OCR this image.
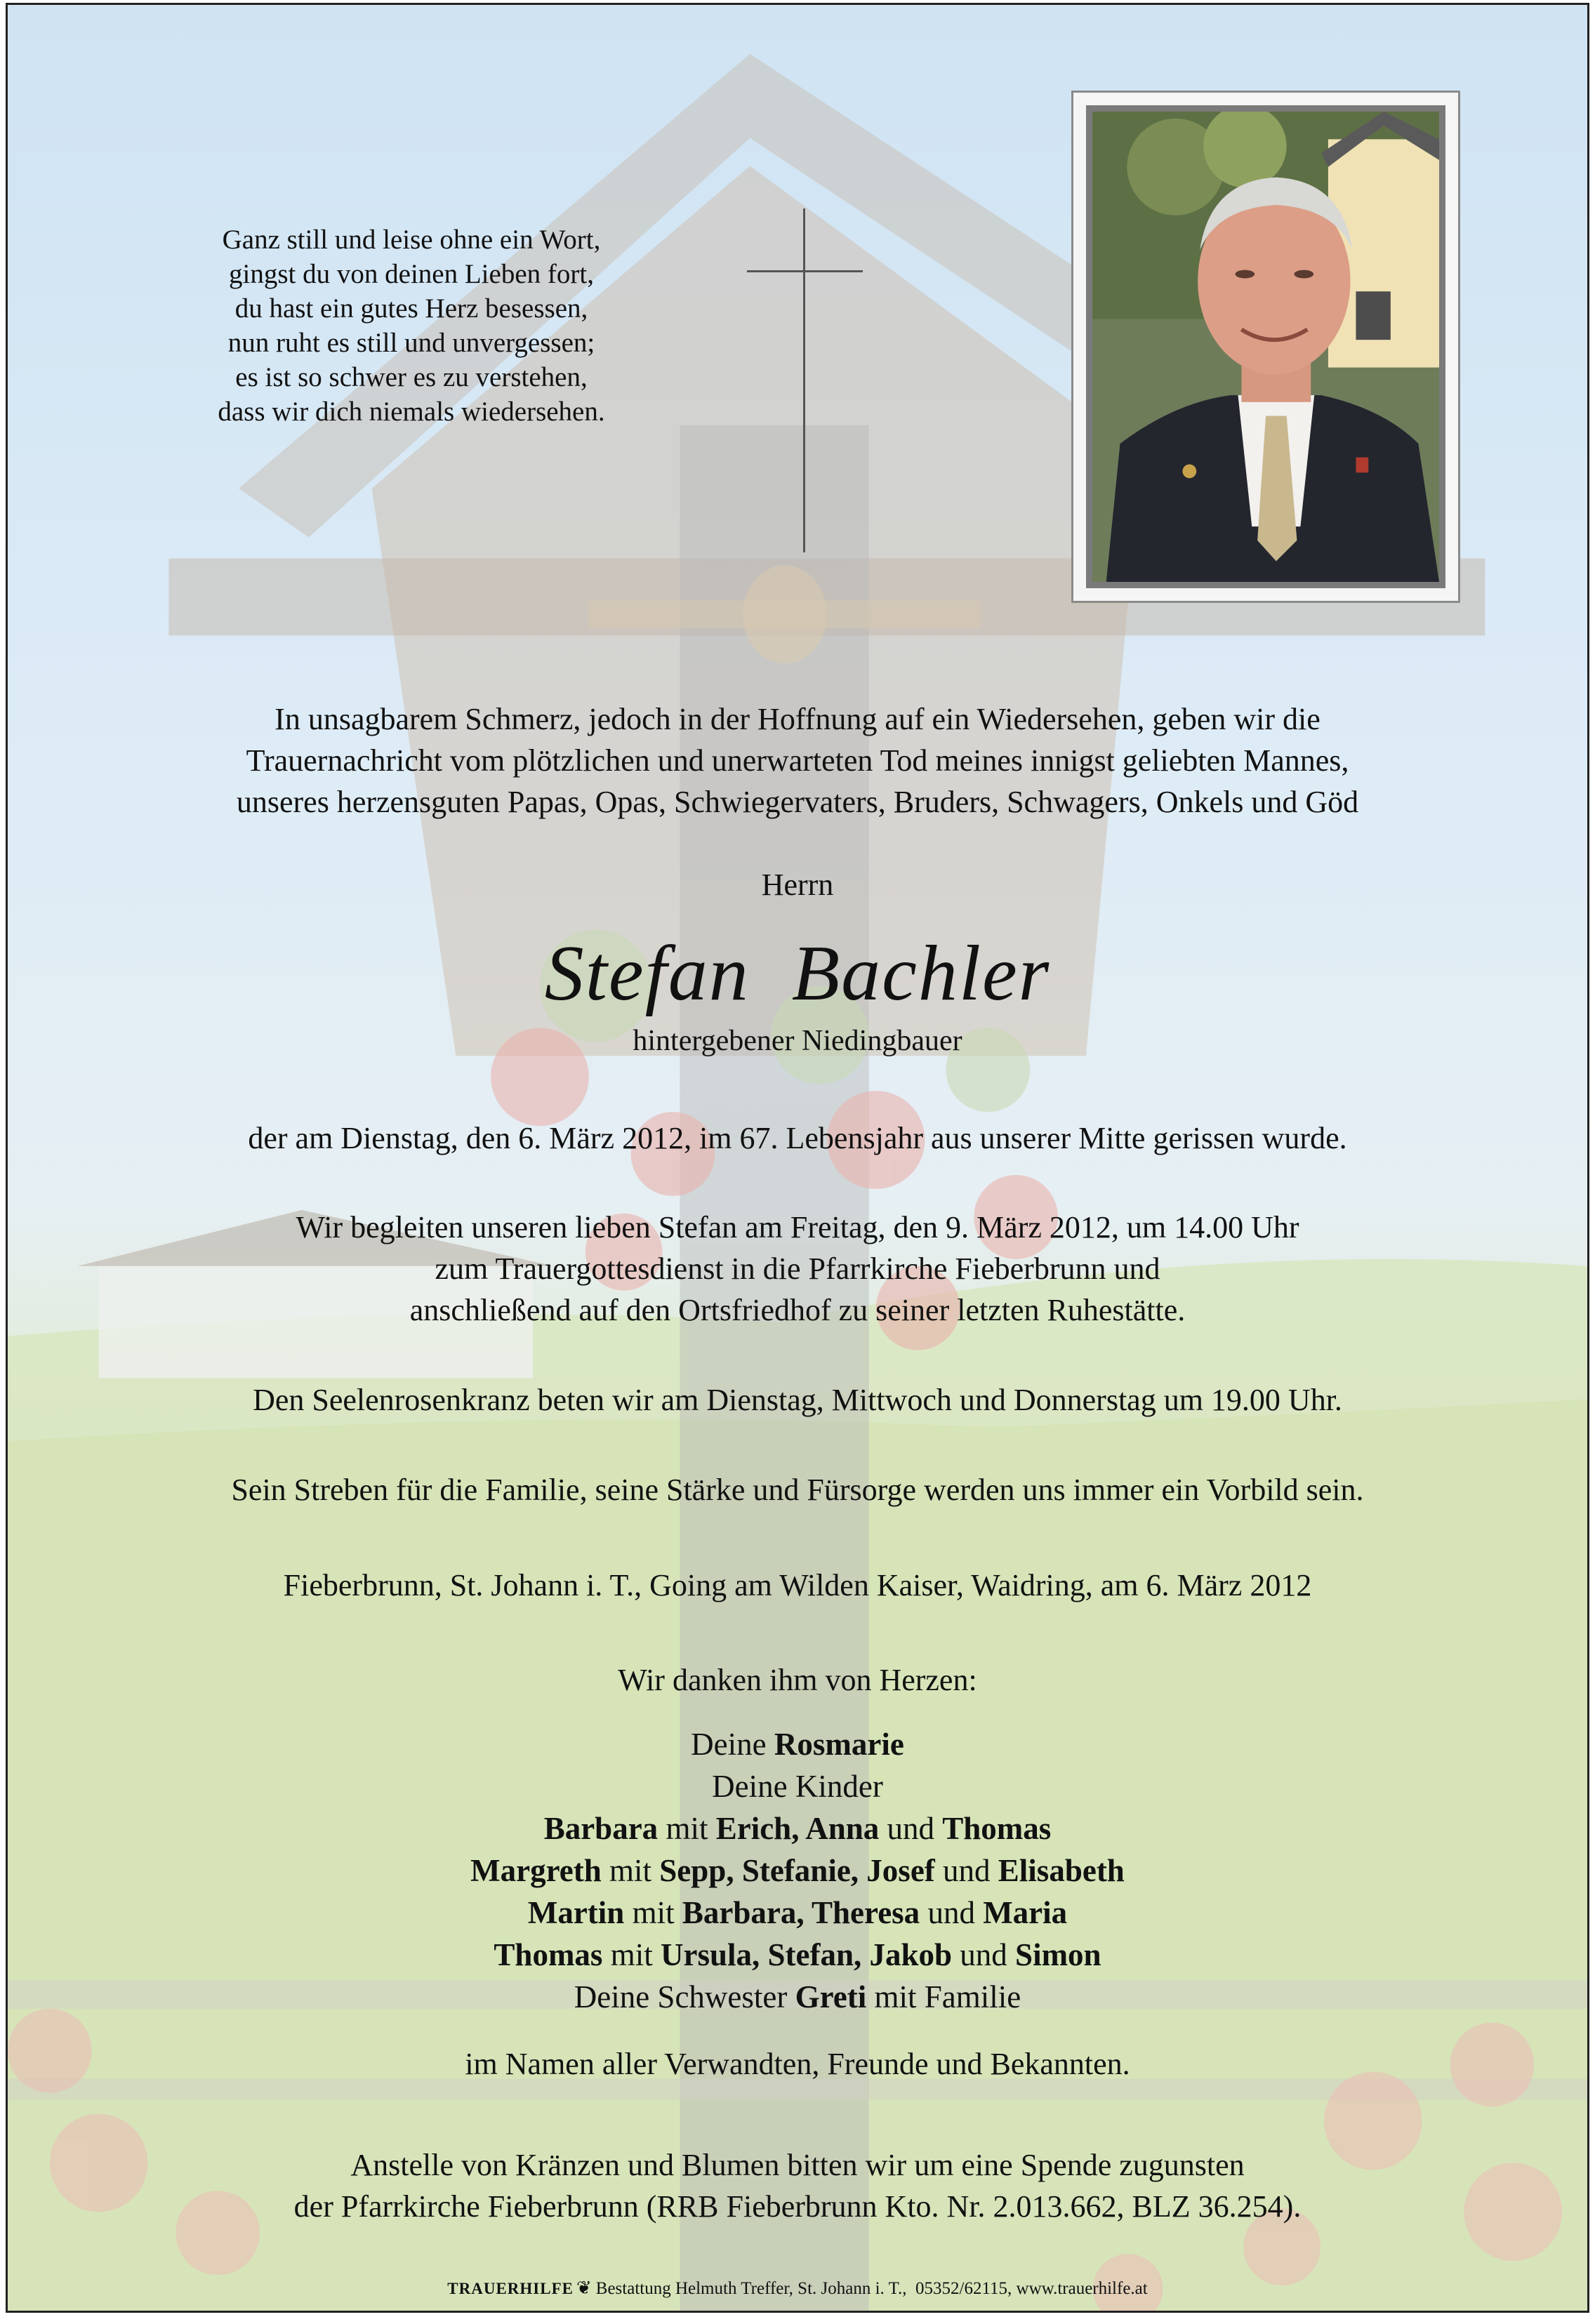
Ganz still und leise ohne ein Wort,
gingst du von deinen Lieben fort,
du hast ein gutes Herz besessen,
nun ruht es still und unvergessen;
es ist so schwer es zu verstehen,
dass wir dich niemals wiedersehen.
In unsagbarem Schmerz, jedoch in der Hoffnung auf ein Wiedersehen, geben wir die
Trauernachricht vom plötzlichen und unerwarteten Tod meines innigst geliebten Mannes,
unseres herzensguten Papas, Opas, Schwiegervaters, Bruders, Schwagers, Onkels und Göd
Herrn
Stefan  Bachler
hintergebener Niedingbauer
der am Dienstag, den 6. März 2012, im 67. Lebensjahr aus unserer Mitte gerissen wurde.
Wir begleiten unseren lieben Stefan am Freitag, den 9. März 2012, um 14.00 Uhr
zum Trauergottesdienst in die Pfarrkirche Fieberbrunn und
anschließend auf den Ortsfriedhof zu seiner letzten Ruhestätte.
Den Seelenrosenkranz beten wir am Dienstag, Mittwoch und Donnerstag um 19.00 Uhr.
Sein Streben für die Familie, seine Stärke und Fürsorge werden uns immer ein Vorbild sein.
Fieberbrunn, St. Johann i. T., Going am Wilden Kaiser, Waidring, am 6. März 2012
Wir danken ihm von Herzen:
Deine Rosmarie
Deine Kinder
Barbara mit Erich, Anna und Thomas
Margreth mit Sepp, Stefanie, Josef und Elisabeth
Martin mit Barbara, Theresa und Maria
Thomas mit Ursula, Stefan, Jakob und Simon
Deine Schwester Greti mit Familie
im Namen aller Verwandten, Freunde und Bekannten.
Anstelle von Kränzen und Blumen bitten wir um eine Spende zugunsten
der Pfarrkirche Fieberbrunn (RRB Fieberbrunn Kto. Nr. 2.013.662, BLZ 36.254).
TRAUERHILFE ❦ Bestattung Helmuth Treffer, St. Johann i. T.,  05352/62115, www.trauerhilfe.at
